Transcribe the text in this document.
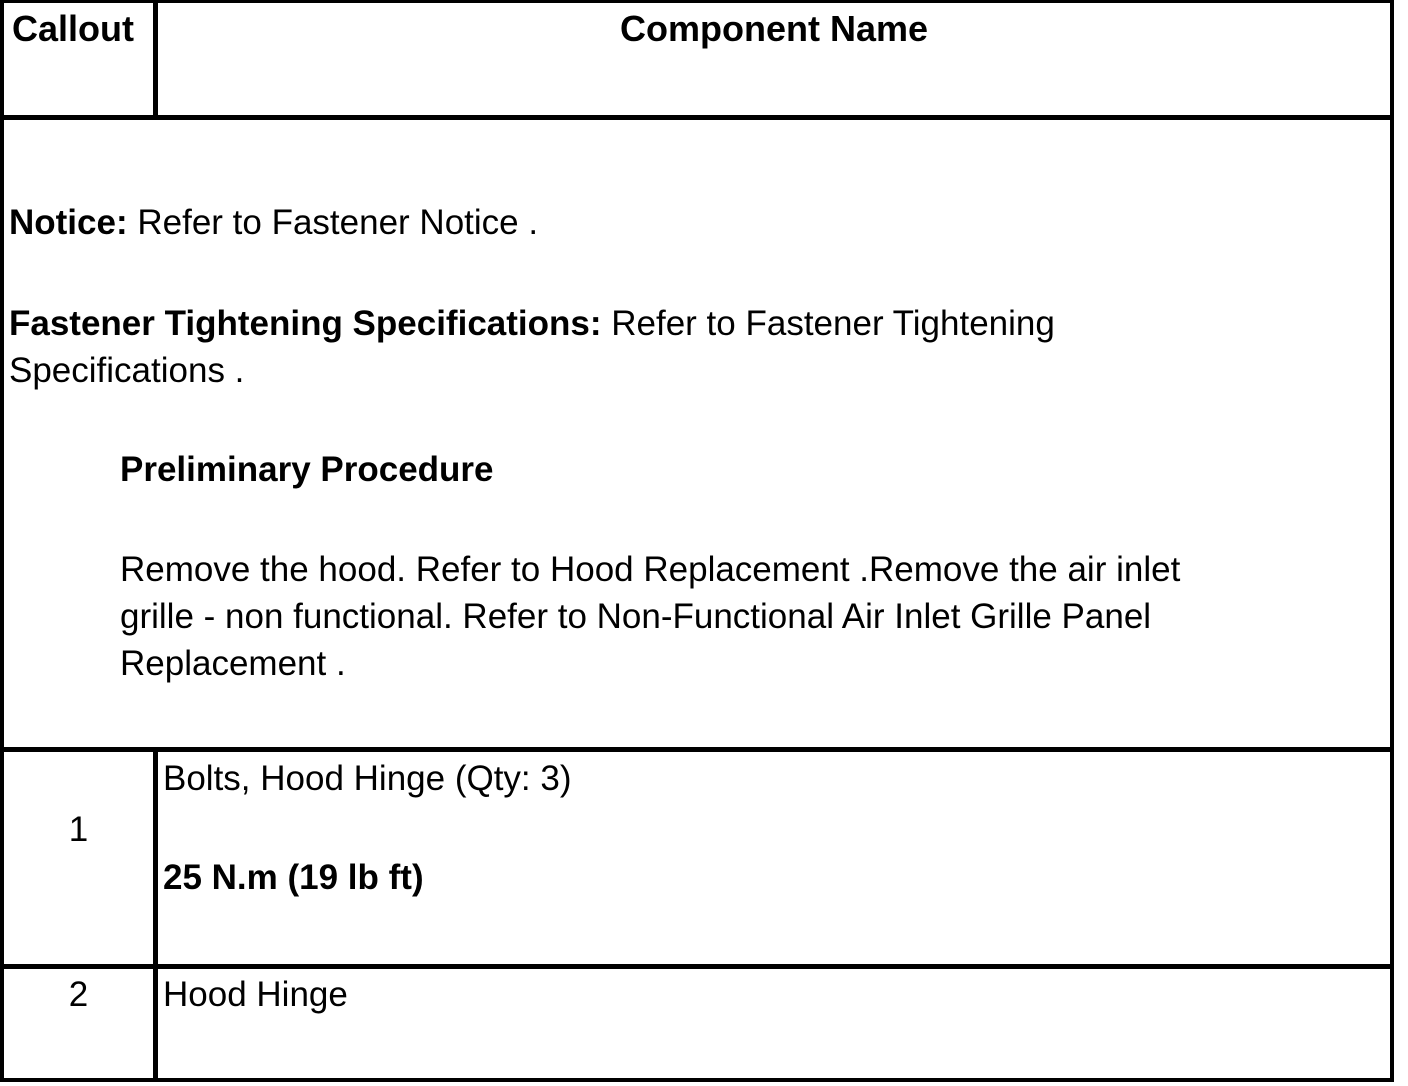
Callout	Component Name
Notice: Refer to Fastener Notice .
Fastener Tightening Specifications: Refer to Fastener Tightening
Specifications .
Preliminary Procedure
Remove the hood. Refer to Hood Replacement .Remove the air inlet
grille - non functional. Refer to Non-Functional Air Inlet Grille Panel
Replacement .
1
Bolts, Hood Hinge (Qty: 3)
25 N.m (19 lb ft)
2	Hood Hinge
